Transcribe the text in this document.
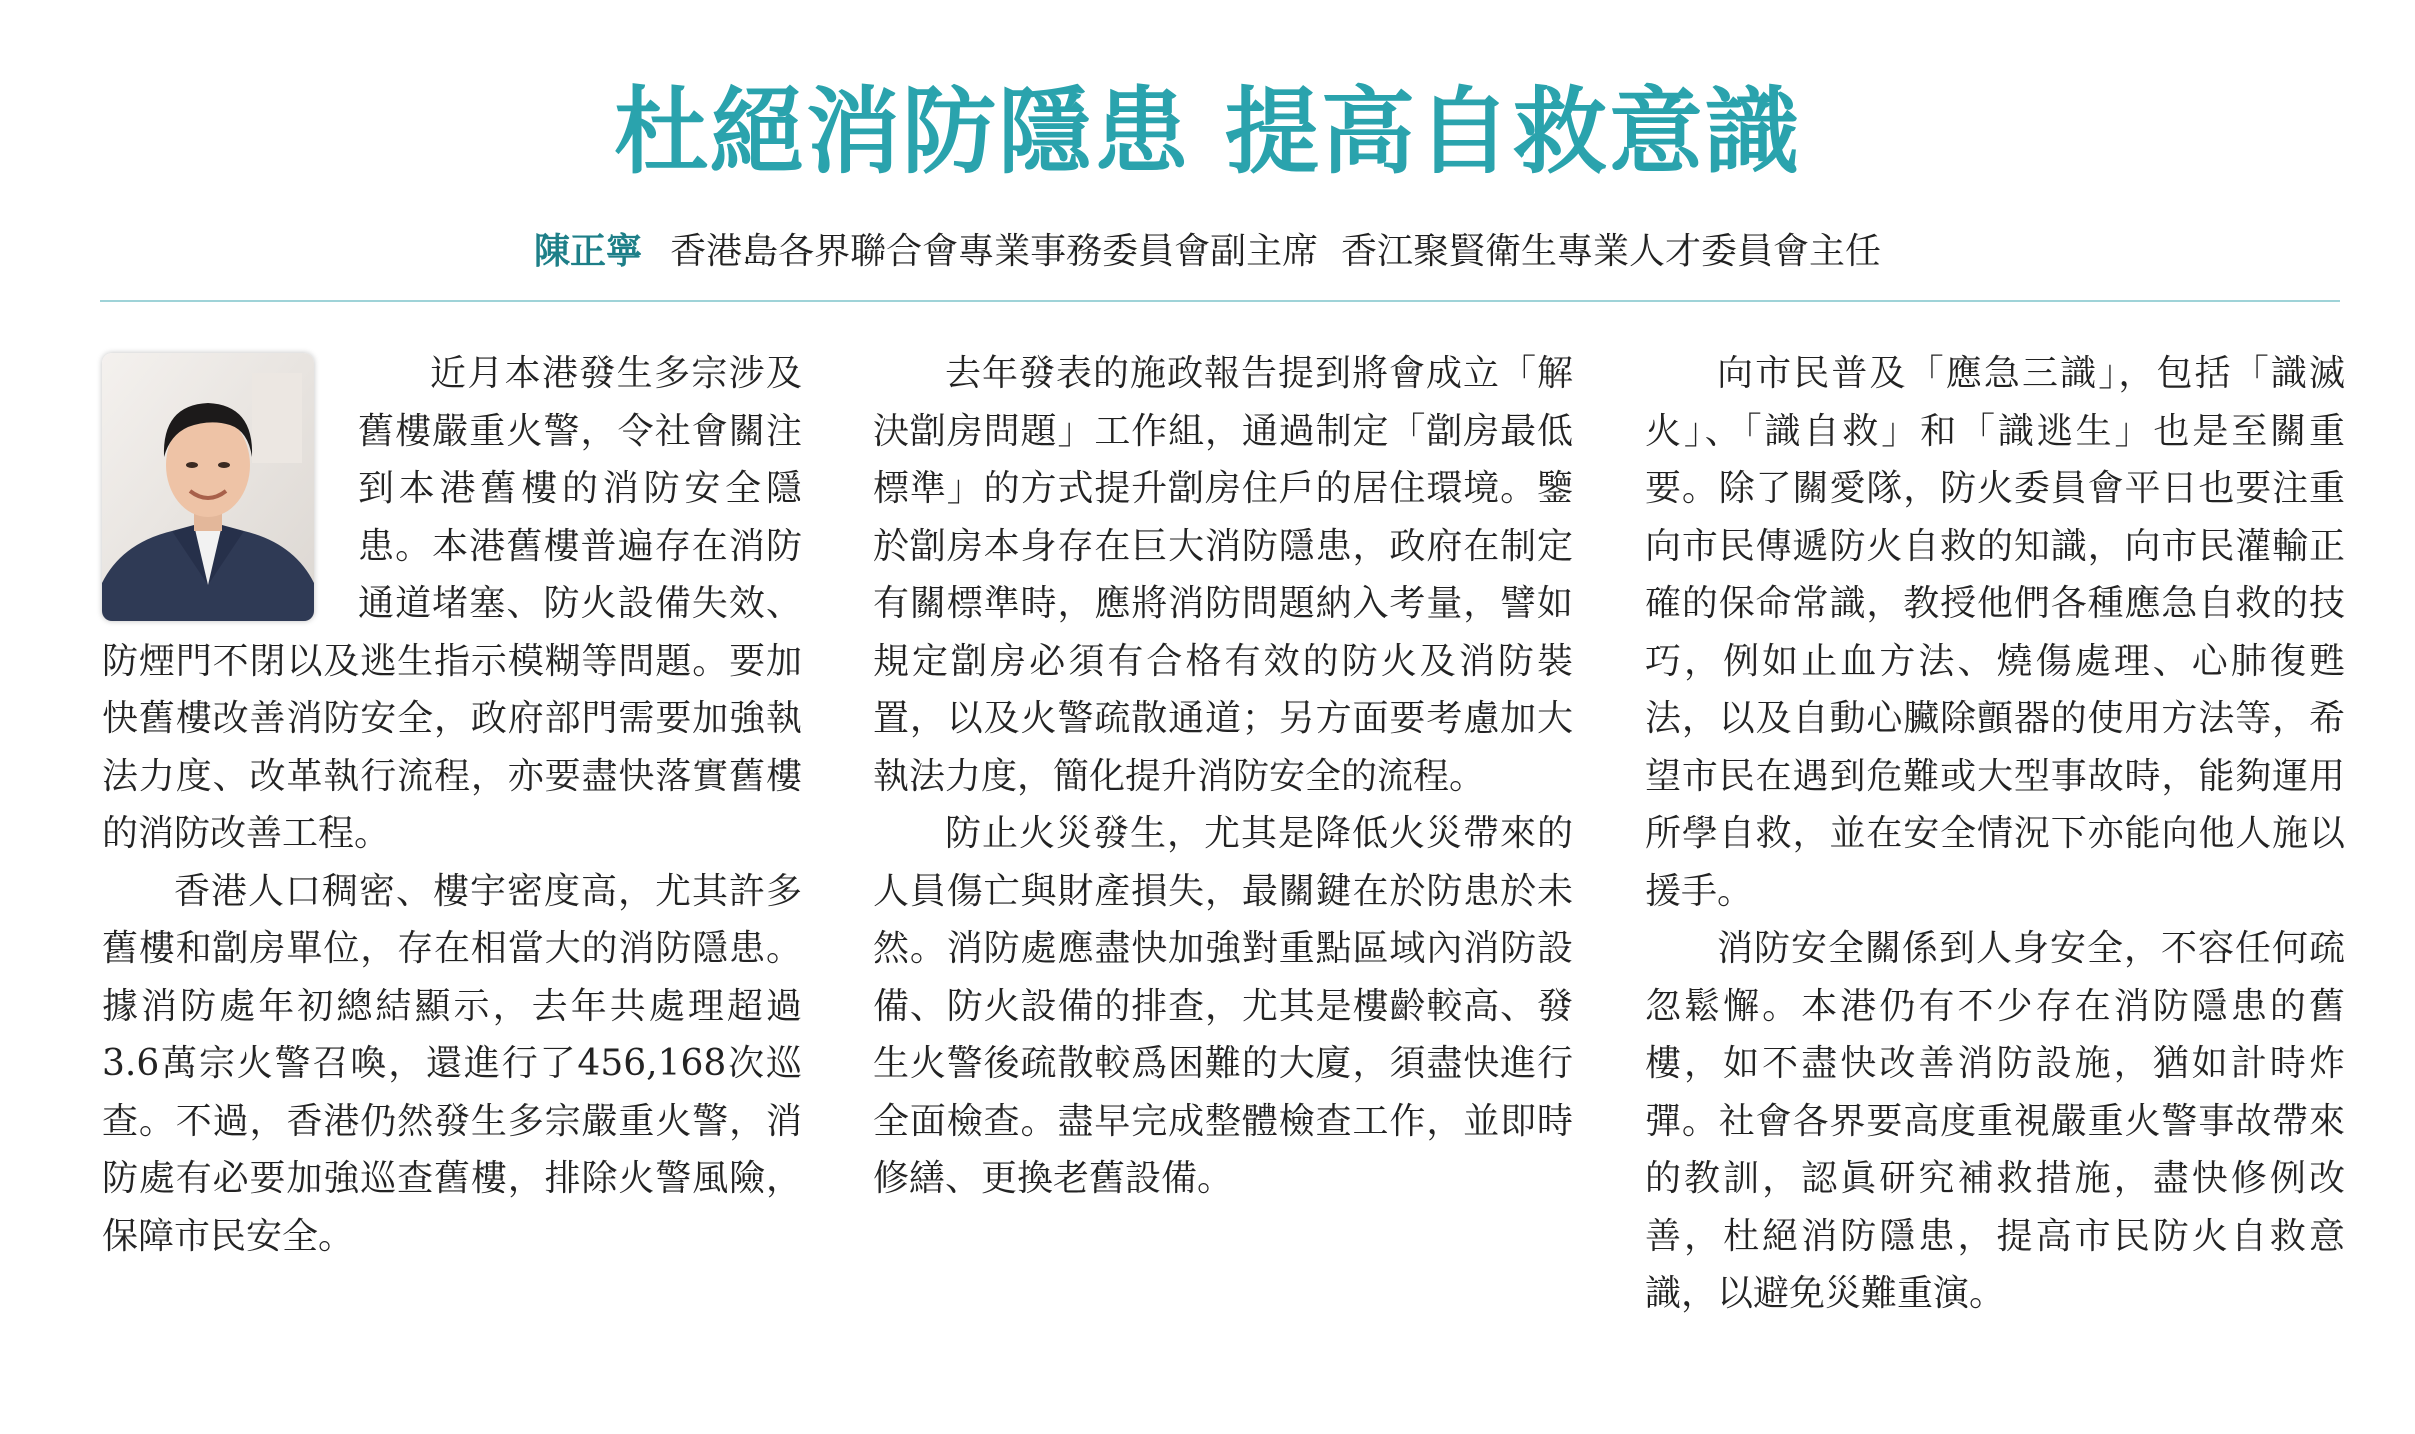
杜絕消防隱患 提高自救意識
陳正寧 香港島各界聯合會專業事務委員會副主席  香江聚賢衛生專業人才委員會主任

近月本港發生多宗涉及舊樓嚴重火警，令社會關注到本港舊樓的消防安全隱患。本港舊樓普遍存在消防通道堵塞、防火設備失效、防煙門不閉以及逃生指示模糊等問題。要加快舊樓改善消防安全，政府部門需要加強執法力度、改革執行流程，亦要盡快落實舊樓的消防改善工程。

香港人口稠密、樓宇密度高，尤其許多舊樓和劏房單位，存在相當大的消防隱患。據消防處年初總結顯示，去年共處理超過3.6萬宗火警召喚，還進行了456,168次巡查。不過，香港仍然發生多宗嚴重火警，消防處有必要加強巡查舊樓，排除火警風險，保障市民安全。

去年發表的施政報告提到將會成立「解決劏房問題」工作組，通過制定「劏房最低標準」的方式提升劏房住戶的居住環境。鑒於劏房本身存在巨大消防隱患，政府在制定有關標準時，應將消防問題納入考量，譬如規定劏房必須有合格有效的防火及消防裝置，以及火警疏散通道；另方面要考慮加大執法力度，簡化提升消防安全的流程。

防止火災發生，尤其是降低火災帶來的人員傷亡與財產損失，最關鍵在於防患於未然。消防處應盡快加強對重點區域內消防設備、防火設備的排查，尤其是樓齡較高、發生火警後疏散較爲困難的大廈，須盡快進行全面檢查。盡早完成整體檢查工作，並即時修繕、更換老舊設備。

向市民普及「應急三識」，包括「識滅火」、「識自救」和「識逃生」也是至關重要。除了關愛隊，防火委員會平日也要注重向市民傳遞防火自救的知識，向市民灌輸正確的保命常識，教授他們各種應急自救的技巧，例如止血方法、燒傷處理、心肺復甦法，以及自動心臟除顫器的使用方法等，希望市民在遇到危難或大型事故時，能夠運用所學自救，並在安全情況下亦能向他人施以援手。

消防安全關係到人身安全，不容任何疏忽鬆懈。本港仍有不少存在消防隱患的舊樓，如不盡快改善消防設施，猶如計時炸彈。社會各界要高度重視嚴重火警事故帶來的教訓，認眞研究補救措施，盡快修例改善，杜絕消防隱患，提高市民防火自救意識，以避免災難重演。
